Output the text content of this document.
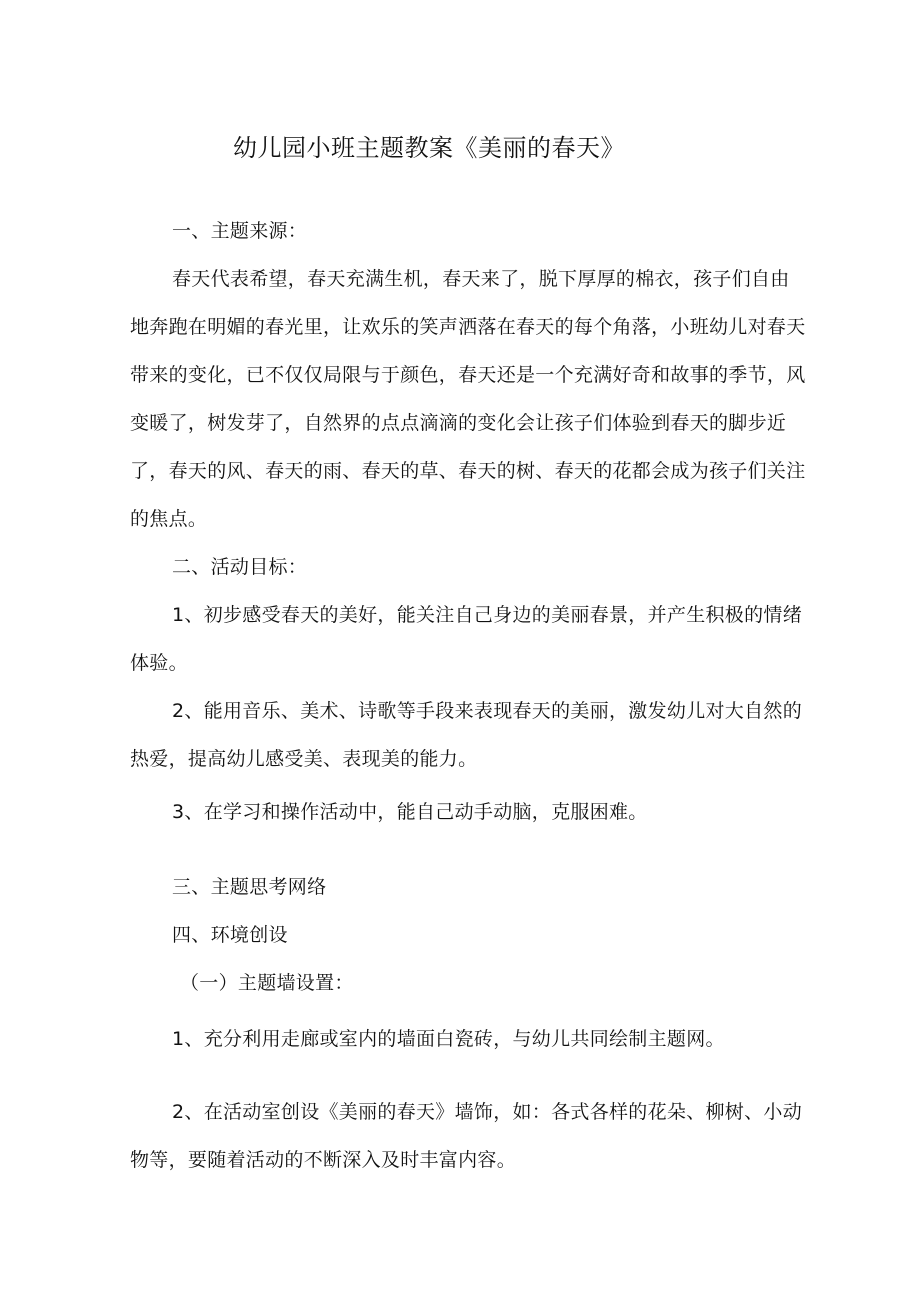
幼儿园小班主题教案《美丽的春天》
一、主题来源：
春天代表希望，春天充满生机，春天来了，脱下厚厚的棉衣，孩子们自由
地奔跑在明媚的春光里，让欢乐的笑声洒落在春天的每个角落，小班幼儿对春天
带来的变化，已不仅仅局限与于颜色，春天还是一个充满好奇和故事的季节，风
变暖了，树发芽了，自然界的点点滴滴的变化会让孩子们体验到春天的脚步近
了，春天的风、春天的雨、春天的草、春天的树、春天的花都会成为孩子们关注
的焦点。
二、活动目标：
1、初步感受春天的美好，能关注自己身边的美丽春景，并产生积极的情绪
体验。
2、能用音乐、美术、诗歌等手段来表现春天的美丽，激发幼儿对大自然的
热爱，提高幼儿感受美、表现美的能力。
3、在学习和操作活动中，能自己动手动脑，克服困难。
三、主题思考网络
四、环境创设
（一）主题墙设置：
1、充分利用走廊或室内的墙面白瓷砖，与幼儿共同绘制主题网。
2、在活动室创设《美丽的春天》墙饰，如：各式各样的花朵、柳树、小动
物等，要随着活动的不断深入及时丰富内容。
